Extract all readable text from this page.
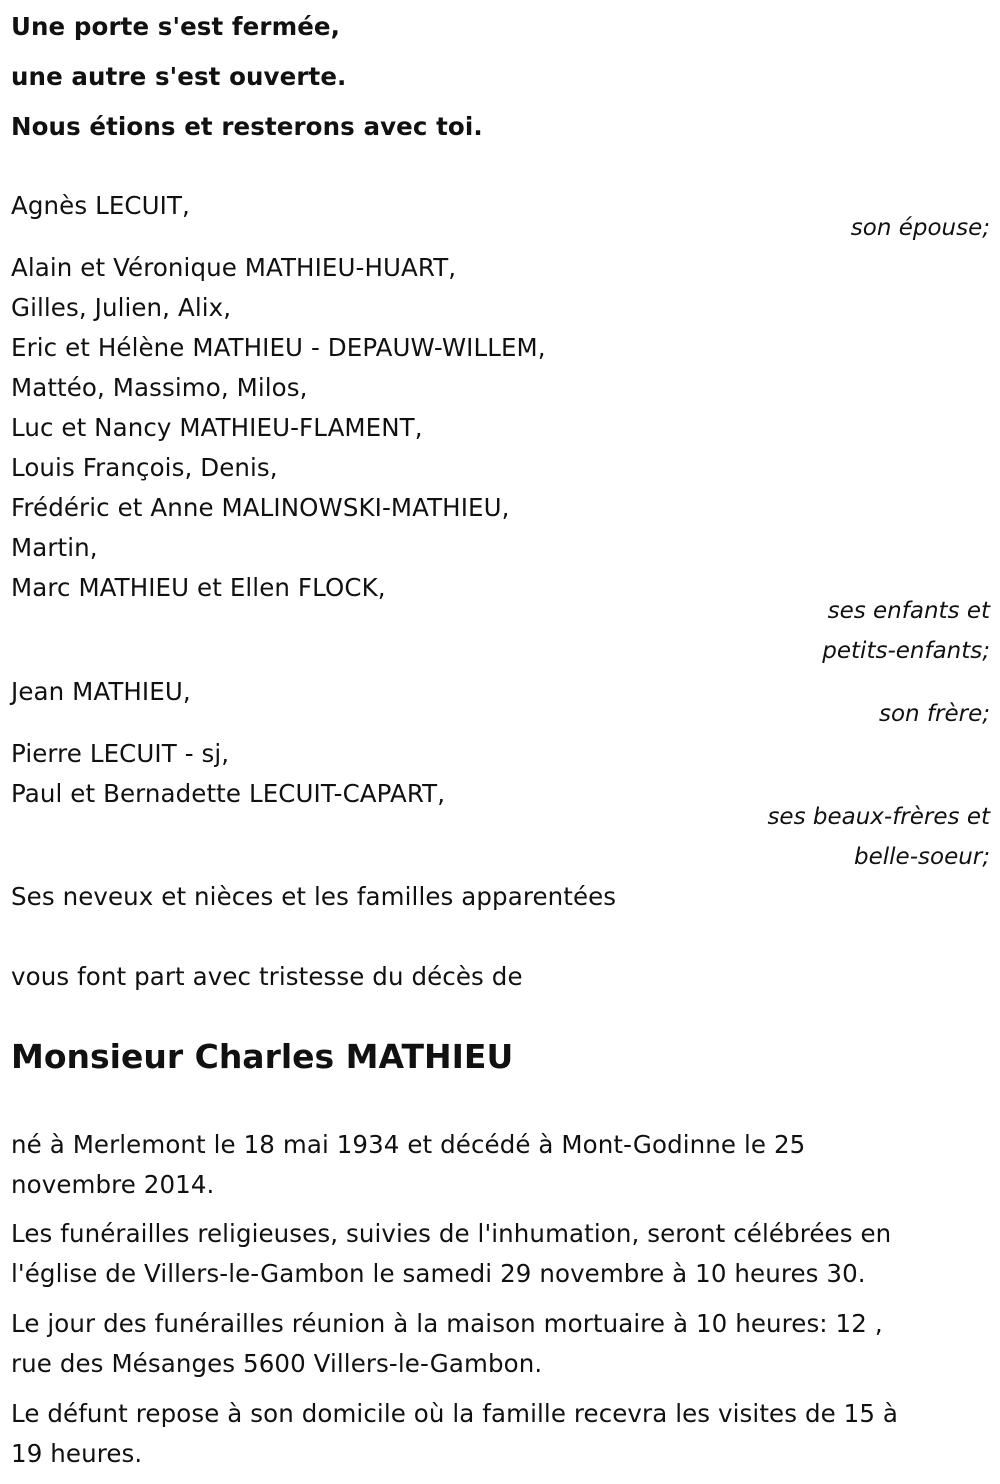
Une porte s'est fermée,
une autre s'est ouverte.
Nous étions et resterons avec toi.
Agnès LECUIT,
son épouse;
Alain et Véronique MATHIEU-HUART,
Gilles, Julien, Alix,
Eric et Hélène MATHIEU - DEPAUW-WILLEM,
Mattéo, Massimo, Milos,
Luc et Nancy MATHIEU-FLAMENT,
Louis François, Denis,
Frédéric et Anne MALINOWSKI-MATHIEU,
Martin,
Marc MATHIEU et Ellen FLOCK,
ses enfants et
petits-enfants;
Jean MATHIEU,
son frère;
Pierre LECUIT - sj,
Paul et Bernadette LECUIT-CAPART,
ses beaux-frères et
belle-soeur;
Ses neveux et nièces et les familles apparentées
vous font part avec tristesse du décès de
Monsieur Charles MATHIEU
né à Merlemont le 18 mai 1934 et décédé à Mont-Godinne le 25
novembre 2014.
Les funérailles religieuses, suivies de l'inhumation, seront célébrées en
l'église de Villers-le-Gambon le samedi 29 novembre à 10 heures 30.
Le jour des funérailles réunion à la maison mortuaire à 10 heures: 12 ,
rue des Mésanges 5600 Villers-le-Gambon.
Le défunt repose à son domicile où la famille recevra les visites de 15 à
19 heures.
